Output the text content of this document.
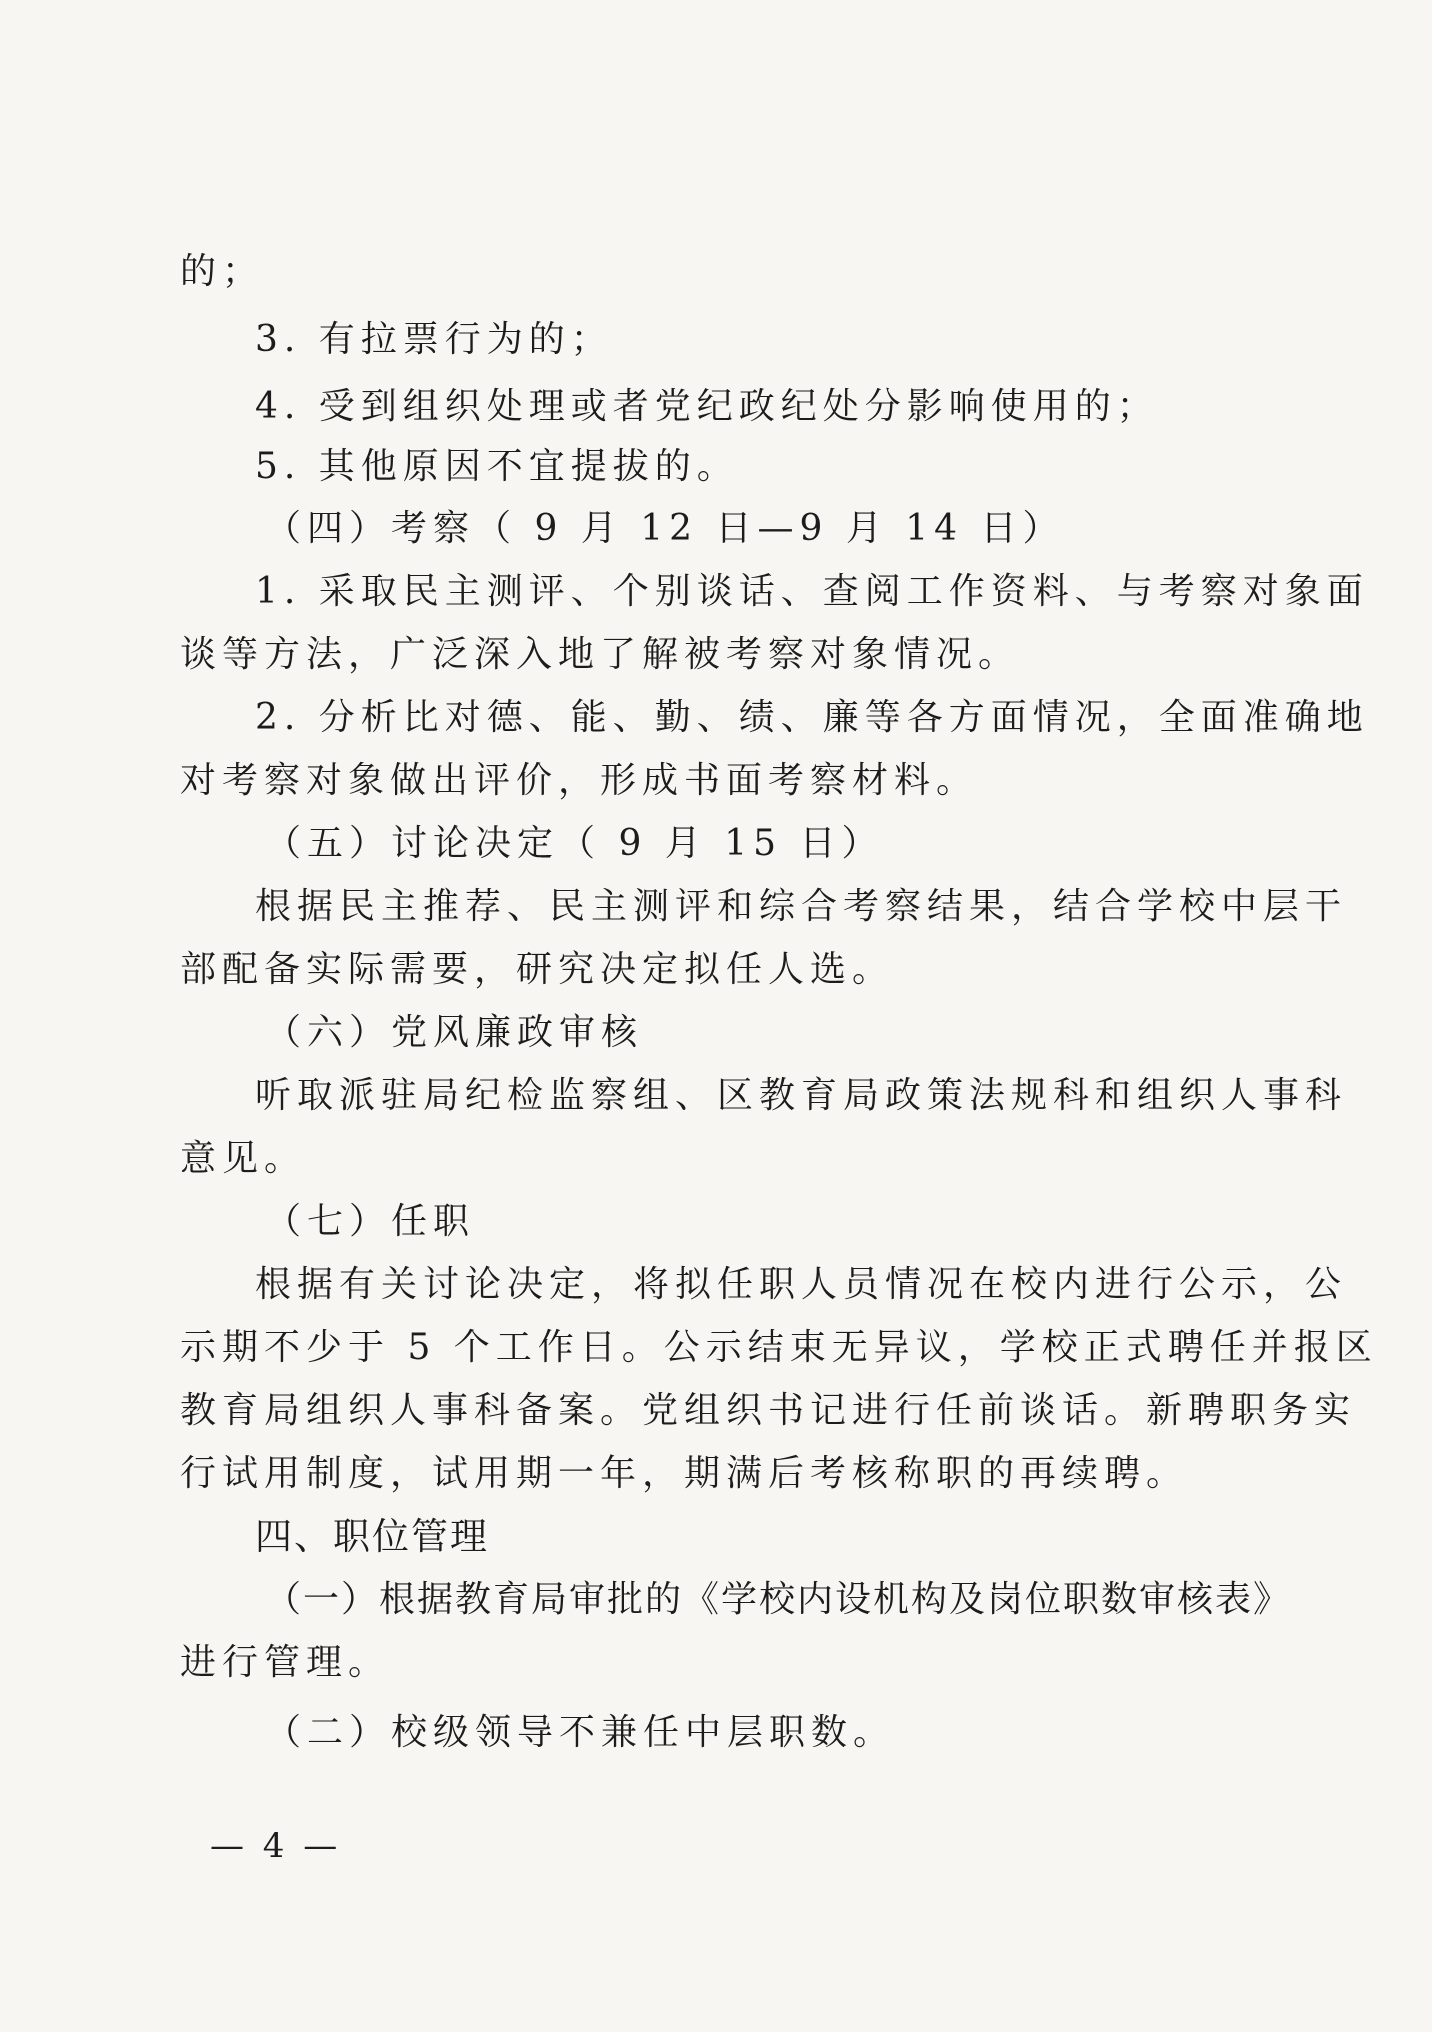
的；
3. 有拉票行为的；
4. 受到组织处理或者党纪政纪处分影响使用的；
5. 其他原因不宜提拔的。
（四）考察（ 9 月 12 日—9 月 14 日）
1. 采取民主测评、个别谈话、查阅工作资料、与考察对象面
谈等方法，广泛深入地了解被考察对象情况。
2. 分析比对德、能、勤、绩、廉等各方面情况，全面准确地
对考察对象做出评价，形成书面考察材料。
（五）讨论决定（ 9 月 15 日）
根据民主推荐、民主测评和综合考察结果，结合学校中层干
部配备实际需要，研究决定拟任人选。
（六）党风廉政审核
听取派驻局纪检监察组、区教育局政策法规科和组织人事科
意见。
（七）任职
根据有关讨论决定，将拟任职人员情况在校内进行公示，公
示期不少于 5 个工作日。公示结束无异议，学校正式聘任并报区
教育局组织人事科备案。党组织书记进行任前谈话。新聘职务实
行试用制度，试用期一年，期满后考核称职的再续聘。
四、职位管理
（一）根据教育局审批的《学校内设机构及岗位职数审核表》
进行管理。
（二）校级领导不兼任中层职数。
— 4 —
